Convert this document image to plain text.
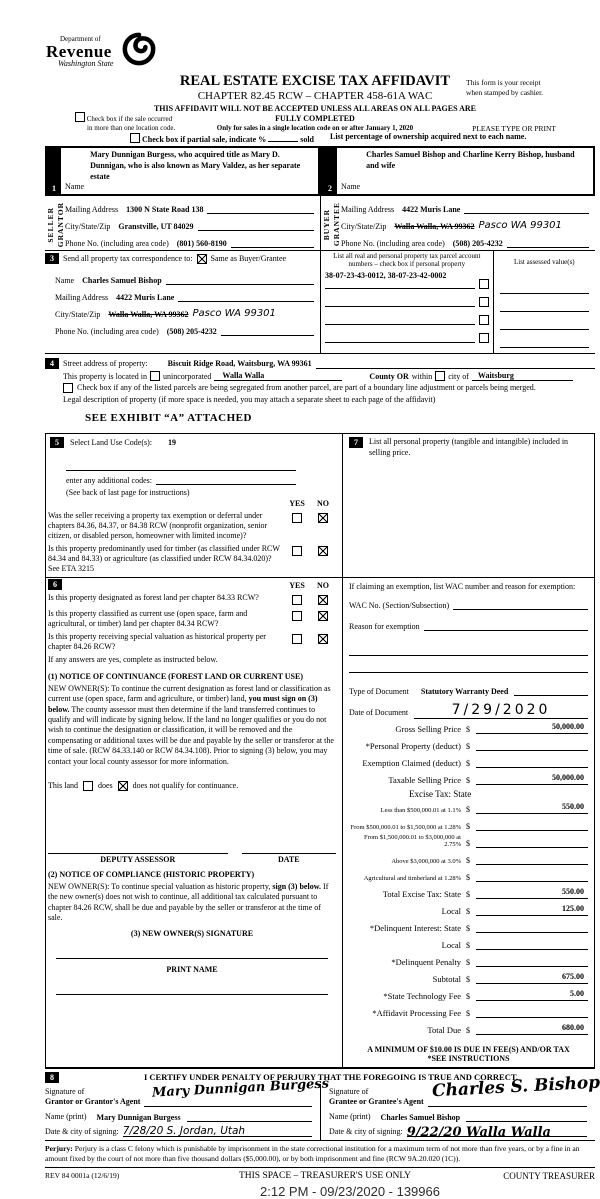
Department of
Revenue
Washington State
REAL ESTATE EXCISE TAX AFFIDAVIT
CHAPTER 82.45 RCW – CHAPTER 458-61A WAC
THIS AFFIDAVIT WILL NOT BE ACCEPTED UNLESS ALL AREAS ON ALL PAGES ARE FULLY COMPLETED
Only for sales in a single location code on or after January 1, 2020
This form is your receipt when stamped by cashier.
PLEASE TYPE OR PRINT
Check box if the sale occurred
in more than one location code.
Check box if partial sale, indicate %	sold List percentage of ownership acquired next to each name.
1	Name
Mary Dunnigan Burgess, who acquired title as Mary D. Dunnigan, who is also known as Mary Valdez, as her separate estate
SELLER GRANTOR Mailing Address	1300 N State Road 138
City/State/Zip	Granstville, UT 84029
Phone No. (including area code)	(801) 560-8190
2	Name
Charles Samuel Bishop and Charline Kerry Bishop, husband and wife
BUYER GRANTEE Mailing Address	4422 Muris Lane
City/State/Zip	Walla Walla, WA 99362 Pasco WA 99301
Phone No. (including area code)	(508) 205-4232
3	Send all property tax correspondence to: Same as Buyer/Grantee
Name	Charles Samuel Bishop
Mailing Address	4422 Muris Lane
City/State/Zip	Walla Walla, WA 99362 Pasco WA 99301
Phone No. (including area code)	(508) 205-4232
List all real and personal property tax parcel account
numbers – check box if personal property
38-07-23-43-0012, 38-07-23-42-0002
List assessed value(s)
4	Street address of property:	Biscuit Ridge Road, Waitsburg, WA 99361
This property is located in unincorporated	Walla Walla	County OR within city of	Waitsburg
Check box if any of the listed parcels are being segregated from another parcel, are part of a boundary line adjustment or parcels being merged.
Legal description of property (if more space is needed, you may attach a separate sheet to each page of the affidavit)
SEE EXHIBIT “A” ATTACHED
5	Select Land Use Code(s): 19
enter any additional codes:
(See back of last page for instructions)
YES	NO
Was the seller receiving a property tax exemption or deferral under chapters 84.36, 84.37, or 84.38 RCW (nonprofit organization, senior citizen, or disabled person, homeowner with limited income)?
Is this property predominantly used for timber (as classified under RCW 84.34 and 84.33) or agriculture (as classified under RCW 84.34.020)? See ETA 3215
6	YES	NO
Is this property designated as forest land per chapter 84.33 RCW?
Is this property classified as current use (open space, farm and agricultural, or timber) land per chapter 84.34 RCW?
Is this property receiving special valuation as historical property per chapter 84.26 RCW?
If any answers are yes, complete as instructed below.
(1) NOTICE OF CONTINUANCE (FOREST LAND OR CURRENT USE)
NEW OWNER(S): To continue the current designation as forest land or classification as current use (open space, farm and agriculture, or timber) land, you must sign on (3) below. The county assessor must then determine if the land transferred continues to qualify and will indicate by signing below. If the land no longer qualifies or you do not wish to continue the designation or classification, it will be removed and the compensating or additional taxes will be due and payable by the seller or transferor at the time of sale. (RCW 84.33.140 or RCW 84.34.108). Prior to signing (3) below, you may contact your local county assessor for more information.
This land	does	does not qualify for continuance.
DEPUTY ASSESSOR	DATE
(2) NOTICE OF COMPLIANCE (HISTORIC PROPERTY)
NEW OWNER(S): To continue special valuation as historic property, sign (3) below. If the new owner(s) does not wish to continue, all additional tax calculated pursuant to chapter 84.26 RCW, shall be due and payable by the seller or transferor at the time of sale.
(3) NEW OWNER(S) SIGNATURE
PRINT NAME
7	List all personal property (tangible and intangible) included in selling price.
If claiming an exemption, list WAC number and reason for exemption:
WAC No. (Section/Subsection)
Reason for exemption
Type of Document Statutory Warranty Deed
Date of Document	7/29/2020
Gross Selling Price $	50,000.00
*Personal Property (deduct) $
Exemption Claimed (deduct) $
Taxable Selling Price $	50,000.00
Excise Tax: State
Less than $500,000.01 at 1.1% $	550.00
From $500,000.01 to $1,500,000 at 1.28% $
From $1,500,000.01 to $3,000,000 at 2.75% $
Above $3,000,000 at 3.0% $
Agricultural and timberland at 1.28% $
Total Excise Tax: State $	550.00
Local $	125.00
*Delinquent Interest: State $
Local $
*Delinquent Penalty $
Subtotal $	675.00
*State Technology Fee $	5.00
*Affidavit Processing Fee $
Total Due $	680.00
A MINIMUM OF $10.00 IS DUE IN FEE(S) AND/OR TAX
*SEE INSTRUCTIONS
8	I CERTIFY UNDER PENALTY OF PERJURY THAT THE FOREGOING IS TRUE AND CORRECT.
Signature of
Grantor or Grantor's Agent
Mary Dunnigan Burgess
Name (print) Mary Dunnigan Burgess
Date & city of signing: 7/28/20 S. Jordan, Utah
Signature of
Grantee or Grantee's Agent
Charles S. Bishop
Name (print) Charles Samuel Bishop
Date & city of signing: 9/22/20 Walla Walla
Perjury: Perjury is a class C felony which is punishable by imprisonment in the state correctional institution for a maximum term of not more than five years, or by a fine in an amount fixed by the court of not more than five thousand dollars ($5,000.00), or by both imprisonment and fine (RCW 9A.20.020 (1C)).
REV 84 0001a (12/6/19)	THIS SPACE – TREASURER'S USE ONLY	COUNTY TREASURER
2:12 PM - 09/23/2020 - 139966
